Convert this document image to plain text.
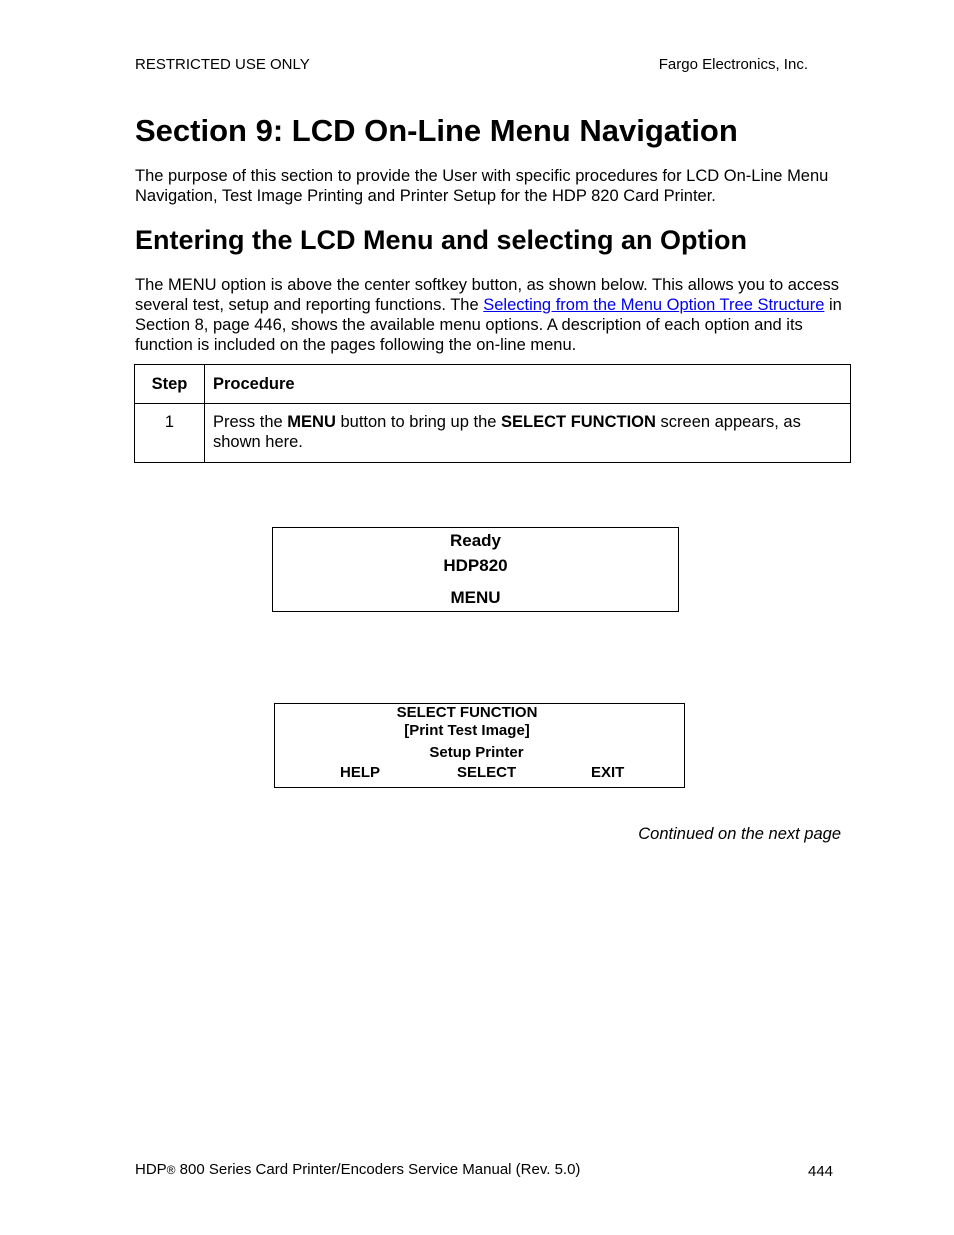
RESTRICTED USE ONLY	Fargo Electronics, Inc.
Section 9: LCD On-Line Menu Navigation

The purpose of this section to provide the User with specific procedures for LCD On-Line Menu Navigation, Test Image Printing and Printer Setup for the HDP 820 Card Printer.

Entering the LCD Menu and selecting an Option

The MENU option is above the center softkey button, as shown below. This allows you to access several test, setup and reporting functions. The Selecting from the Menu Option Tree Structure in Section 8, page 446, shows the available menu options. A description of each option and its function is included on the pages following the on-line menu.

Step	Procedure
1	Press the MENU button to bring up the SELECT FUNCTION screen appears, as shown here.
Ready
HDP820
MENU
SELECT FUNCTION
[Print Test Image]
Setup Printer
HELP	SELECT	EXIT
Continued on the next page
HDP® 800 Series Card Printer/Encoders Service Manual (Rev. 5.0)	444
